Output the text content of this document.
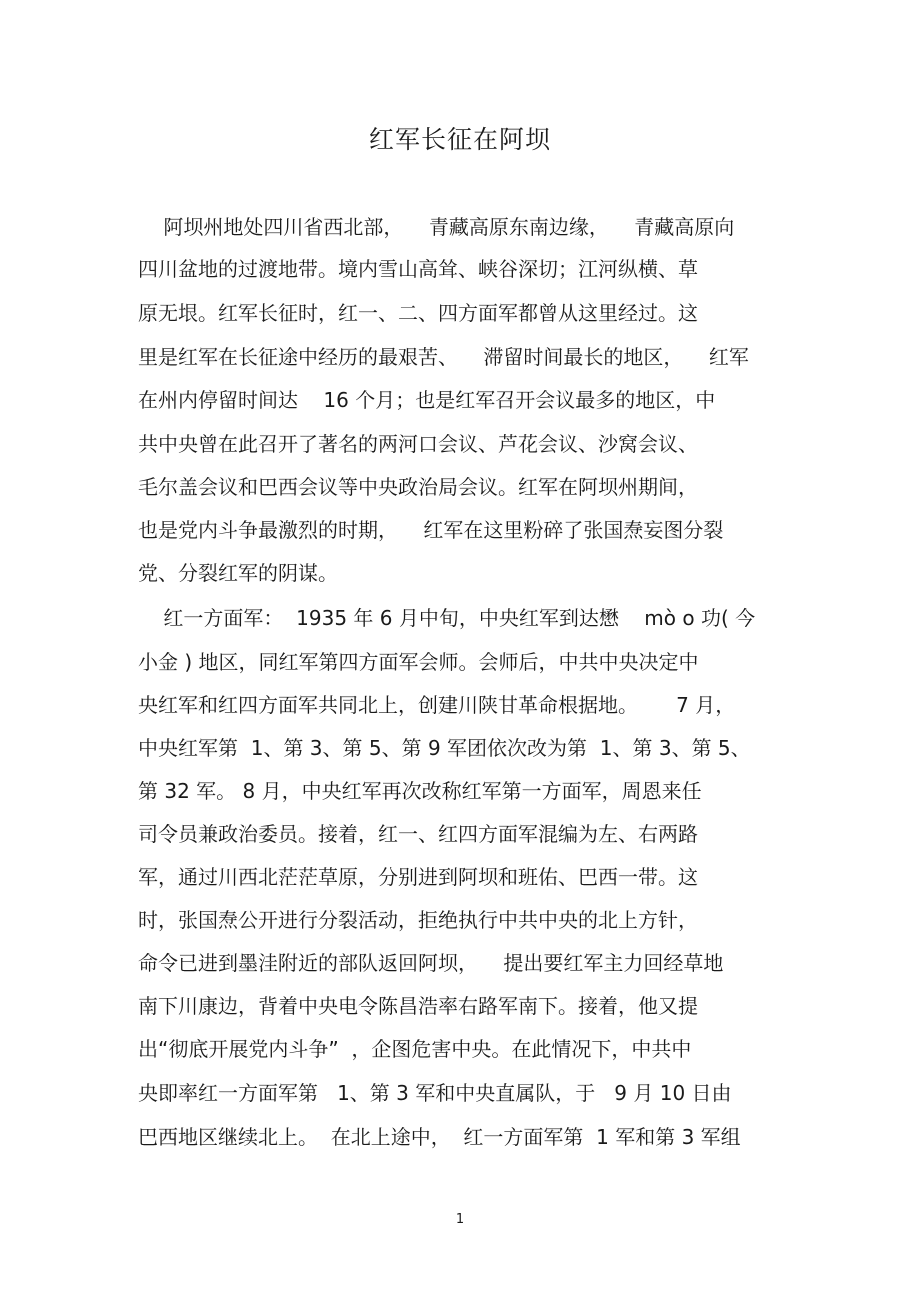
红军长征在阿坝
阿坝州地处四川省西北部，    青藏高原东南边缘，    青藏高原向
四川盆地的过渡地带。境内雪山高耸、峡谷深切；江河纵横、草
原无垠。红军长征时，红一、二、四方面军都曾从这里经过。这
里是红军在长征途中经历的最艰苦、    滞留时间最长的地区，    红军
在州内停留时间达    16 个月；也是红军召开会议最多的地区，中
共中央曾在此召开了著名的两河口会议、芦花会议、沙窝会议、
毛尔盖会议和巴西会议等中央政治局会议。红军在阿坝州期间，
也是党内斗争最激烈的时期，    红军在这里粉碎了张国焘妄图分裂
党、分裂红军的阴谋。
红一方面军：  1935 年 6 月中旬，中央红军到达懋    mò o 功( 今
小金 ) 地区，同红军第四方面军会师。会师后，中共中央决定中
央红军和红四方面军共同北上，创建川陕甘革命根据地。      7 月，
中央红军第  1、第 3、第 5、第 9 军团依次改为第  1、第 3、第 5、
第 32 军。 8 月，中央红军再次改称红军第一方面军，周恩来任
司令员兼政治委员。接着，红一、红四方面军混编为左、右两路
军，通过川西北茫茫草原，分别进到阿坝和班佑、巴西一带。这
时，张国焘公开进行分裂活动，拒绝执行中共中央的北上方针，
命令已进到墨洼附近的部队返回阿坝，    提出要红军主力回经草地
南下川康边，背着中央电令陈昌浩率右路军南下。接着，他又提
出“彻底开展党内斗争”  ，企图危害中央。在此情况下，中共中
央即率红一方面军第   1、第 3 军和中央直属队，于   9 月 10 日由
巴西地区继续北上。  在北上途中，  红一方面军第  1 军和第 3 军组
1
